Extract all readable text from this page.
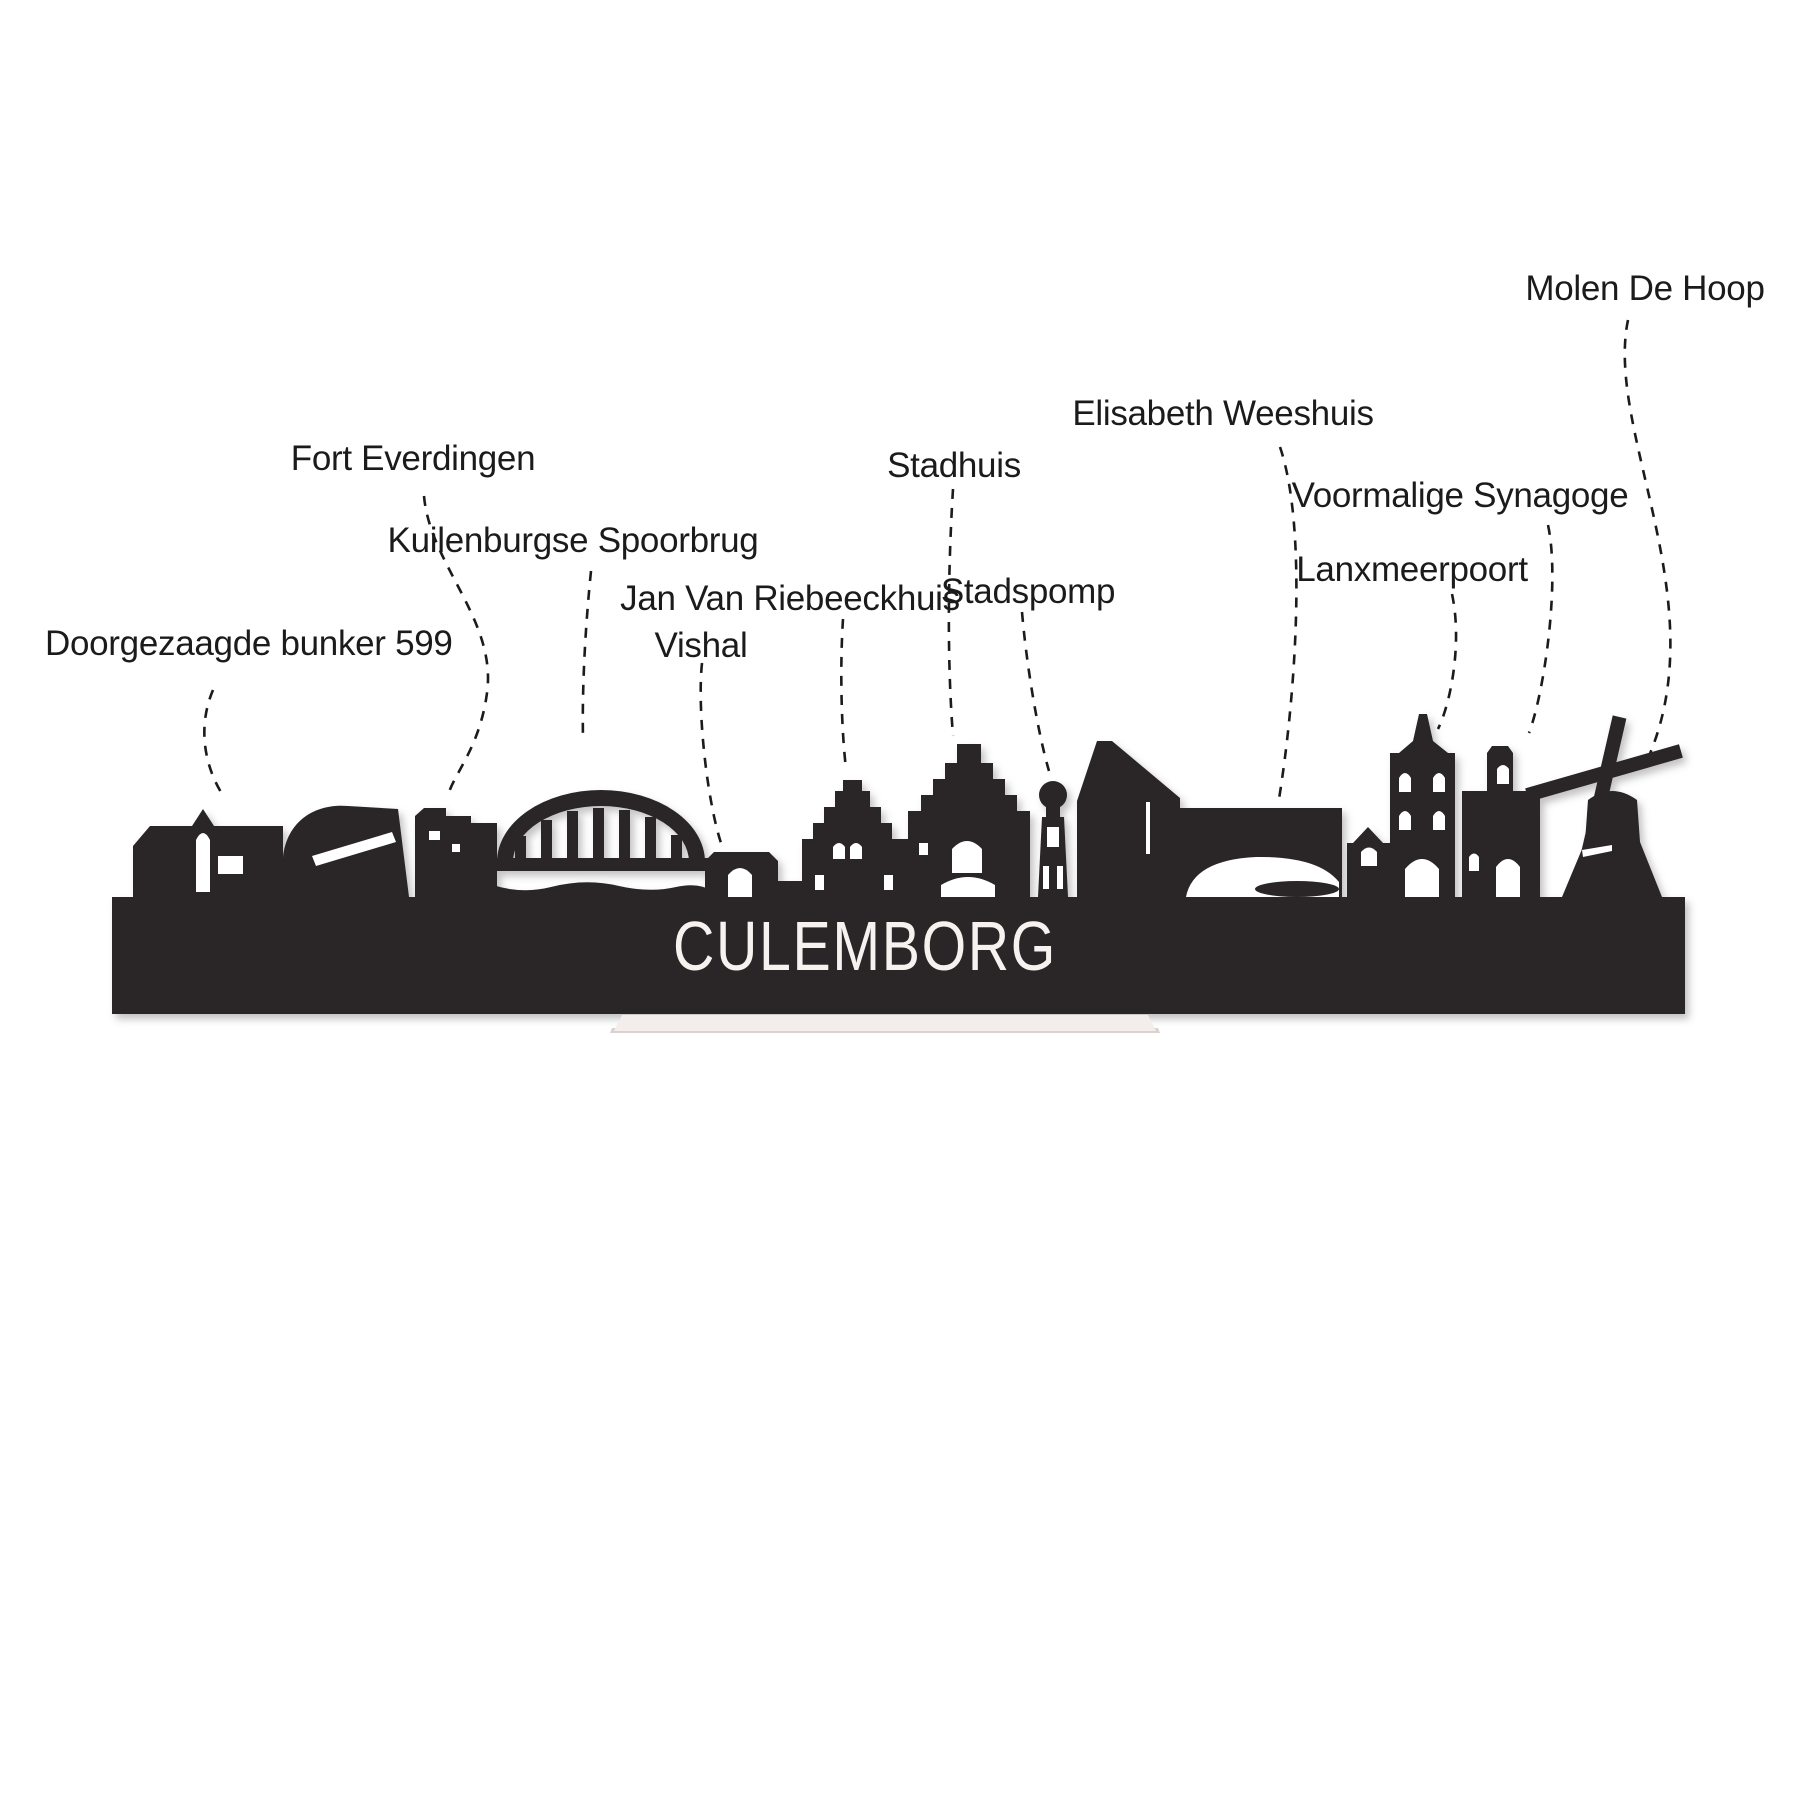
CULEMBORG
Doorgezaagde bunker 599
Fort Everdingen
Kuilenburgse Spoorbrug
Jan Van Riebeeckhuis
Vishal
Stadhuis
Stadspomp
Elisabeth Weeshuis
Voormalige Synagoge
Lanxmeerpoort
Molen De Hoop
